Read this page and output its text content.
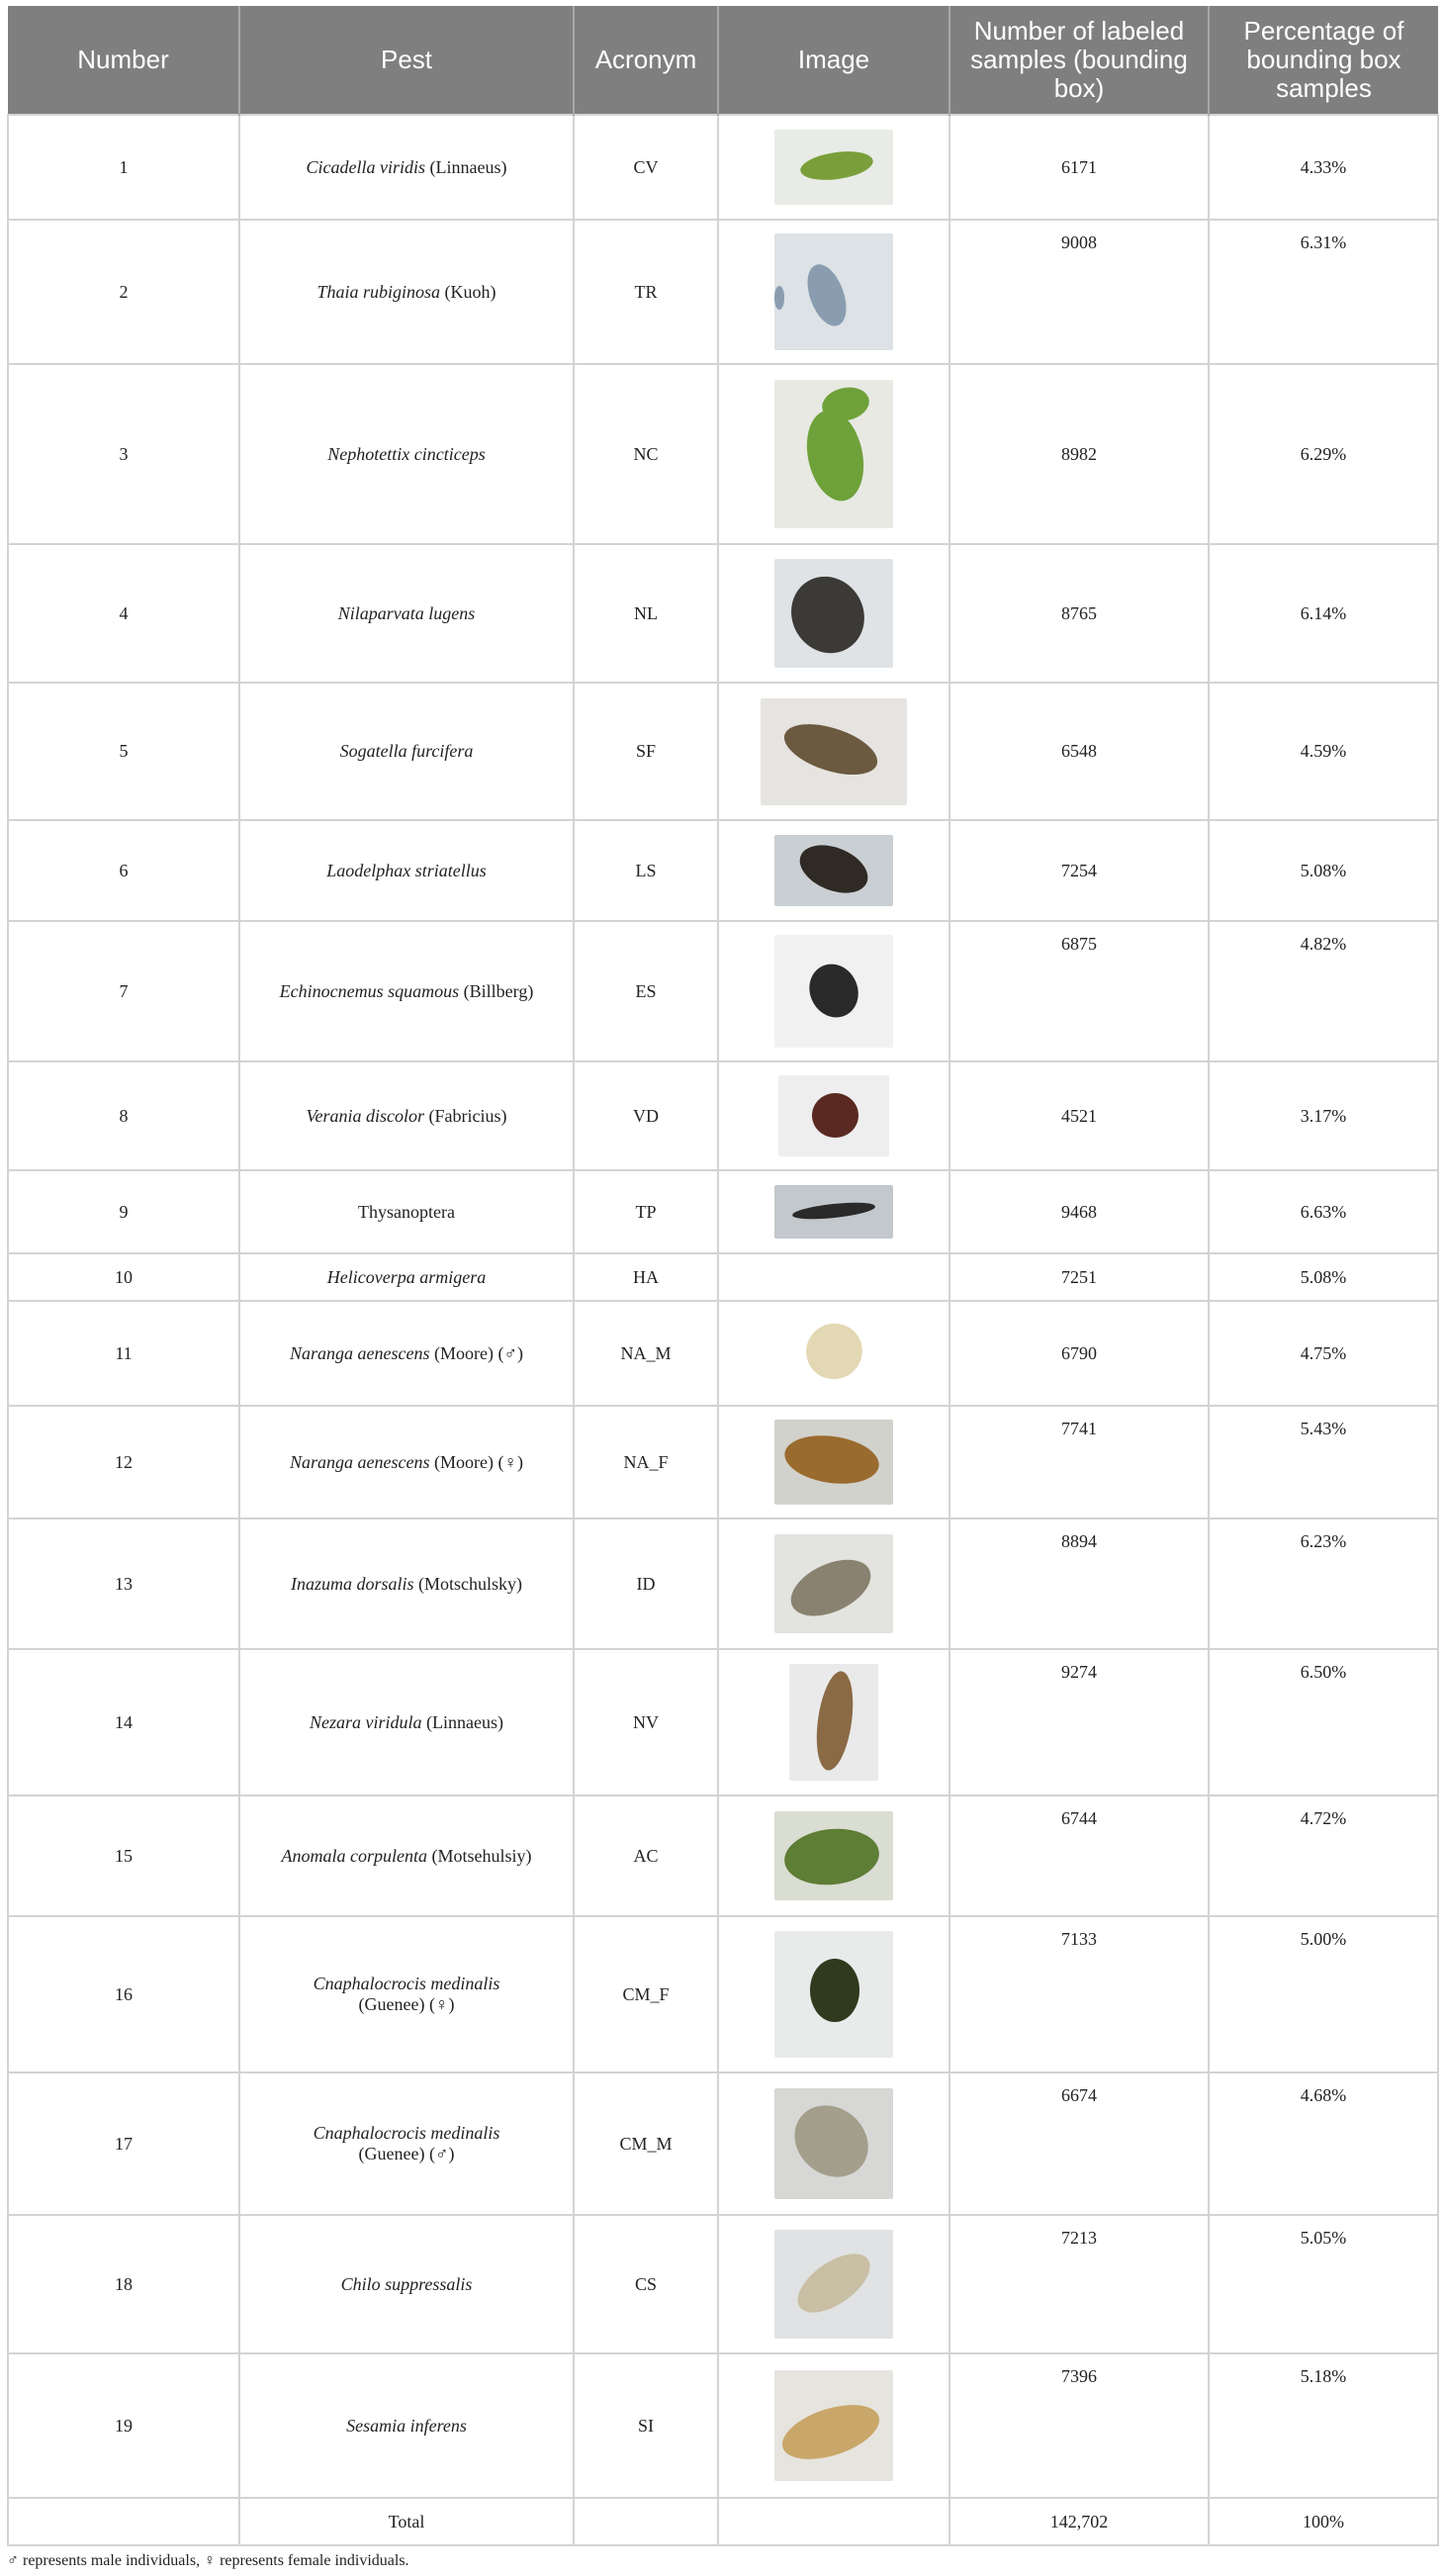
Number	Pest	Acronym	Image	Number of labeled samples (bounding box)	Percentage of bounding box samples
1	Cicadella viridis (Linnaeus)	CV		6171	4.33%
2	Thaia rubiginosa (Kuoh)	TR		9008	6.31%
3	Nephotettix cincticeps	NC		8982	6.29%
4	Nilaparvata lugens	NL		8765	6.14%
5	Sogatella furcifera	SF		6548	4.59%
6	Laodelphax striatellus	LS		7254	5.08%
7	Echinocnemus squamous (Billberg)	ES		6875	4.82%
8	Verania discolor (Fabricius)	VD		4521	3.17%
9	Thysanoptera	TP		9468	6.63%
10	Helicoverpa armigera	HA		7251	5.08%
11	Naranga aenescens (Moore) (♂)	NA_M		6790	4.75%
12	Naranga aenescens (Moore) (♀)	NA_F		7741	5.43%
13	Inazuma dorsalis (Motschulsky)	ID		8894	6.23%
14	Nezara viridula (Linnaeus)	NV		9274	6.50%
15	Anomala corpulenta (Motsehulsiy)	AC		6744	4.72%
16	Cnaphalocrocis medinalis (Guenee) (♀)	CM_F		7133	5.00%
17	Cnaphalocrocis medinalis (Guenee) (♂)	CM_M		6674	4.68%
18	Chilo suppressalis	CS		7213	5.05%
19	Sesamia inferens	SI		7396	5.18%
	Total			142,702	100%
♂ represents male individuals, ♀ represents female individuals.
